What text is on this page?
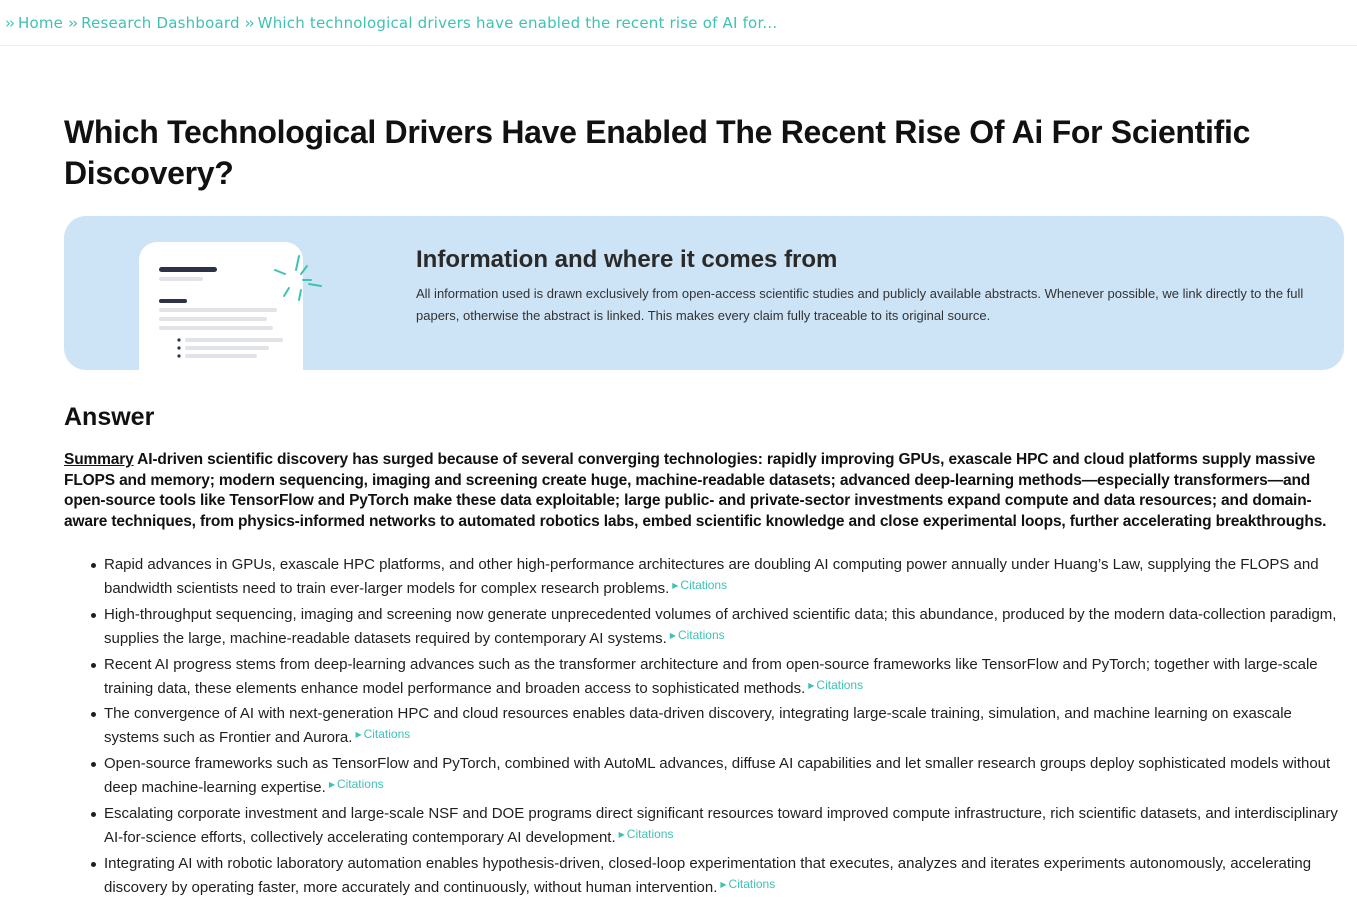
›› Home ›› Research Dashboard ›› Which technological drivers have enabled the recent rise of AI for...
Which Technological Drivers Have Enabled The Recent Rise Of Ai For Scientific Discovery?
Information and where it comes from

All information used is drawn exclusively from open-access scientific studies and publicly available abstracts. Whenever possible, we link directly to the full papers, otherwise the abstract is linked. This makes every claim fully traceable to its original source.

Answer

Summary AI-driven scientific discovery has surged because of several converging technologies: rapidly improving GPUs, exascale HPC and cloud platforms supply massive FLOPS and memory; modern sequencing, imaging and screening create huge, machine-readable datasets; advanced deep-learning methods—especially transformers—and open-source tools like TensorFlow and PyTorch make these data exploitable; large public- and private-sector investments expand compute and data resources; and domain-aware techniques, from physics-informed networks to automated robotics labs, embed scientific knowledge and close experimental loops, further accelerating breakthroughs.

Rapid advances in GPUs, exascale HPC platforms, and other high-performance architectures are doubling AI computing power annually under Huang’s Law, supplying the FLOPS and bandwidth scientists need to train ever-larger models for complex research problems. ▶ Citations
High-throughput sequencing, imaging and screening now generate unprecedented volumes of archived scientific data; this abundance, produced by the modern data-collection paradigm, supplies the large, machine-readable datasets required by contemporary AI systems. ▶ Citations
Recent AI progress stems from deep-learning advances such as the transformer architecture and from open-source frameworks like TensorFlow and PyTorch; together with large-scale training data, these elements enhance model performance and broaden access to sophisticated methods. ▶ Citations
The convergence of AI with next-generation HPC and cloud resources enables data-driven discovery, integrating large-scale training, simulation, and machine learning on exascale systems such as Frontier and Aurora. ▶ Citations
Open-source frameworks such as TensorFlow and PyTorch, combined with AutoML advances, diffuse AI capabilities and let smaller research groups deploy sophisticated models without deep machine-learning expertise. ▶ Citations
Escalating corporate investment and large-scale NSF and DOE programs direct significant resources toward improved compute infrastructure, rich scientific datasets, and interdisciplinary AI-for-science efforts, collectively accelerating contemporary AI development. ▶ Citations
Integrating AI with robotic laboratory automation enables hypothesis-driven, closed-loop experimentation that executes, analyzes and iterates experiments autonomously, accelerating discovery by operating faster, more accurately and continuously, without human intervention. ▶ Citations
